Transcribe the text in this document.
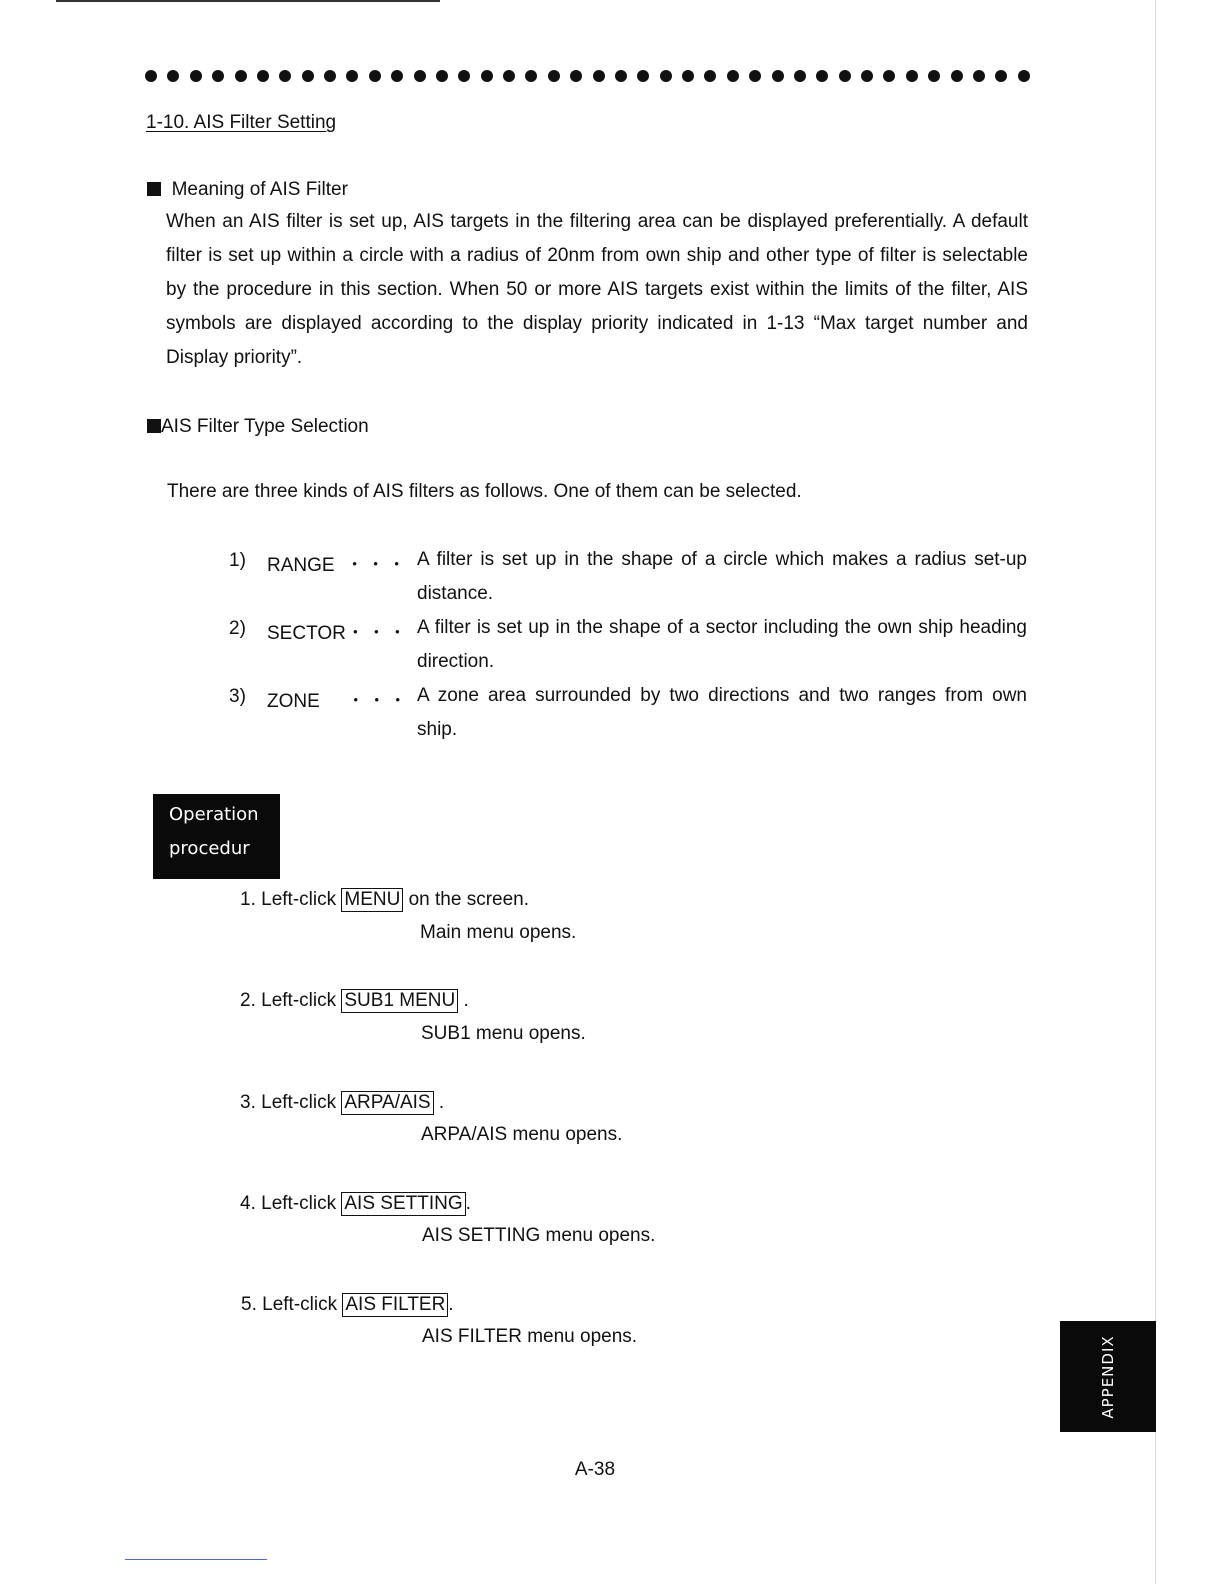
1-10. AIS Filter Setting
Meaning of AIS Filter
When an AIS filter is set up, AIS targets in the filtering area can be displayed preferentially. A default filter is set up within a circle with a radius of 20nm from own ship and other type of filter is selectable by the procedure in this section. When 50 or more AIS targets exist within the limits of the filter, AIS symbols are displayed according to the display priority indicated in 1-13 “Max target number and Display priority”.
AIS Filter Type Selection
There are three kinds of AIS filters as follows. One of them can be selected.
1) RANGE ・・・ A filter is set up in the shape of a circle which makes a radius set-up distance.
2) SECTOR・・・ A filter is set up in the shape of a sector including the own ship heading direction.
3) ZONE ・・・ A zone area surrounded by two directions and two ranges from own ship.
Operation
procedur
1. Left-click MENU on the screen.
Main menu opens.
2. Left-click SUB1 MENU .
SUB1 menu opens.
3. Left-click ARPA/AIS .
ARPA/AIS menu opens.
4. Left-click AIS SETTING .
AIS SETTING menu opens.
5. Left-click AIS FILTER .
AIS FILTER menu opens.	APPENDIX
A-38
